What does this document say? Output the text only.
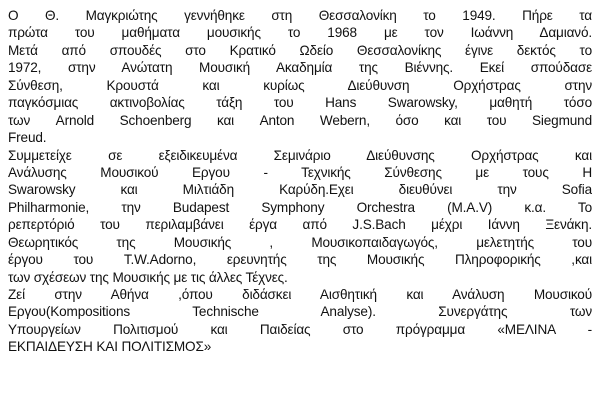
Ο Θ. Μαγκριώτης γεννήθηκε στη Θεσσαλονίκη το 1949. Πήρε τα
πρώτα του μαθήματα μουσικής το 1968 με τον Ιωάννη Δαμιανό.
Μετά από σπουδές στο Κρατικό Ωδείο Θεσσαλονίκης έγινε δεκτός το
1972, στην Ανώτατη Μουσική Ακαδημία της Βιέννης. Εκεί σπούδασε
Σύνθεση, Κρουστά και κυρίως Διεύθυνση Ορχήστρας στην
παγκόσμιας ακτινοβολίας τάξη του Hans Swarowsky, μαθητή τόσο
των Arnold Schoenberg και Anton Webern, όσο και του Siegmund
Freud.
Συμμετείχε σε εξειδικευμένα Σεμινάριο Διεύθυνσης Ορχήστρας και
Ανάλυσης Μουσικού Εργου - Τεχνικής Σύνθεσης με τους Η
Swarowsky και Μιλτιάδη Καρύδη.Εχει διευθύνει την Sofia
Philharmonie, την Budapest Symphony Orchestra (M.A.V) κ.α. Το
ρεπερτόριό του περιλαμβάνει έργα από J.S.Bach μέχρι Ιάννη Ξενάκη.
Θεωρητικός της Μουσικής , Μουσικοπαιδαγωγός, μελετητής του
έργου του T.W.Adorno, ερευνητής της Μουσικής Πληροφορικής ,και
των σχέσεων της Μουσικής με τις άλλες Τέχνες.
Ζεί στην Αθήνα ,όπου διδάσκει Αισθητική και Ανάλυση Μουσικού
Εργου(Kompositions Technische Analyse). Συνεργάτης των
Υπουργείων Πολιτισμού και Παιδείας στο πρόγραμμα «ΜΕΛΙΝΑ -
ΕΚΠΑΙΔΕΥΣΗ ΚΑΙ ΠΟΛΙΤΙΣΜΟΣ»
